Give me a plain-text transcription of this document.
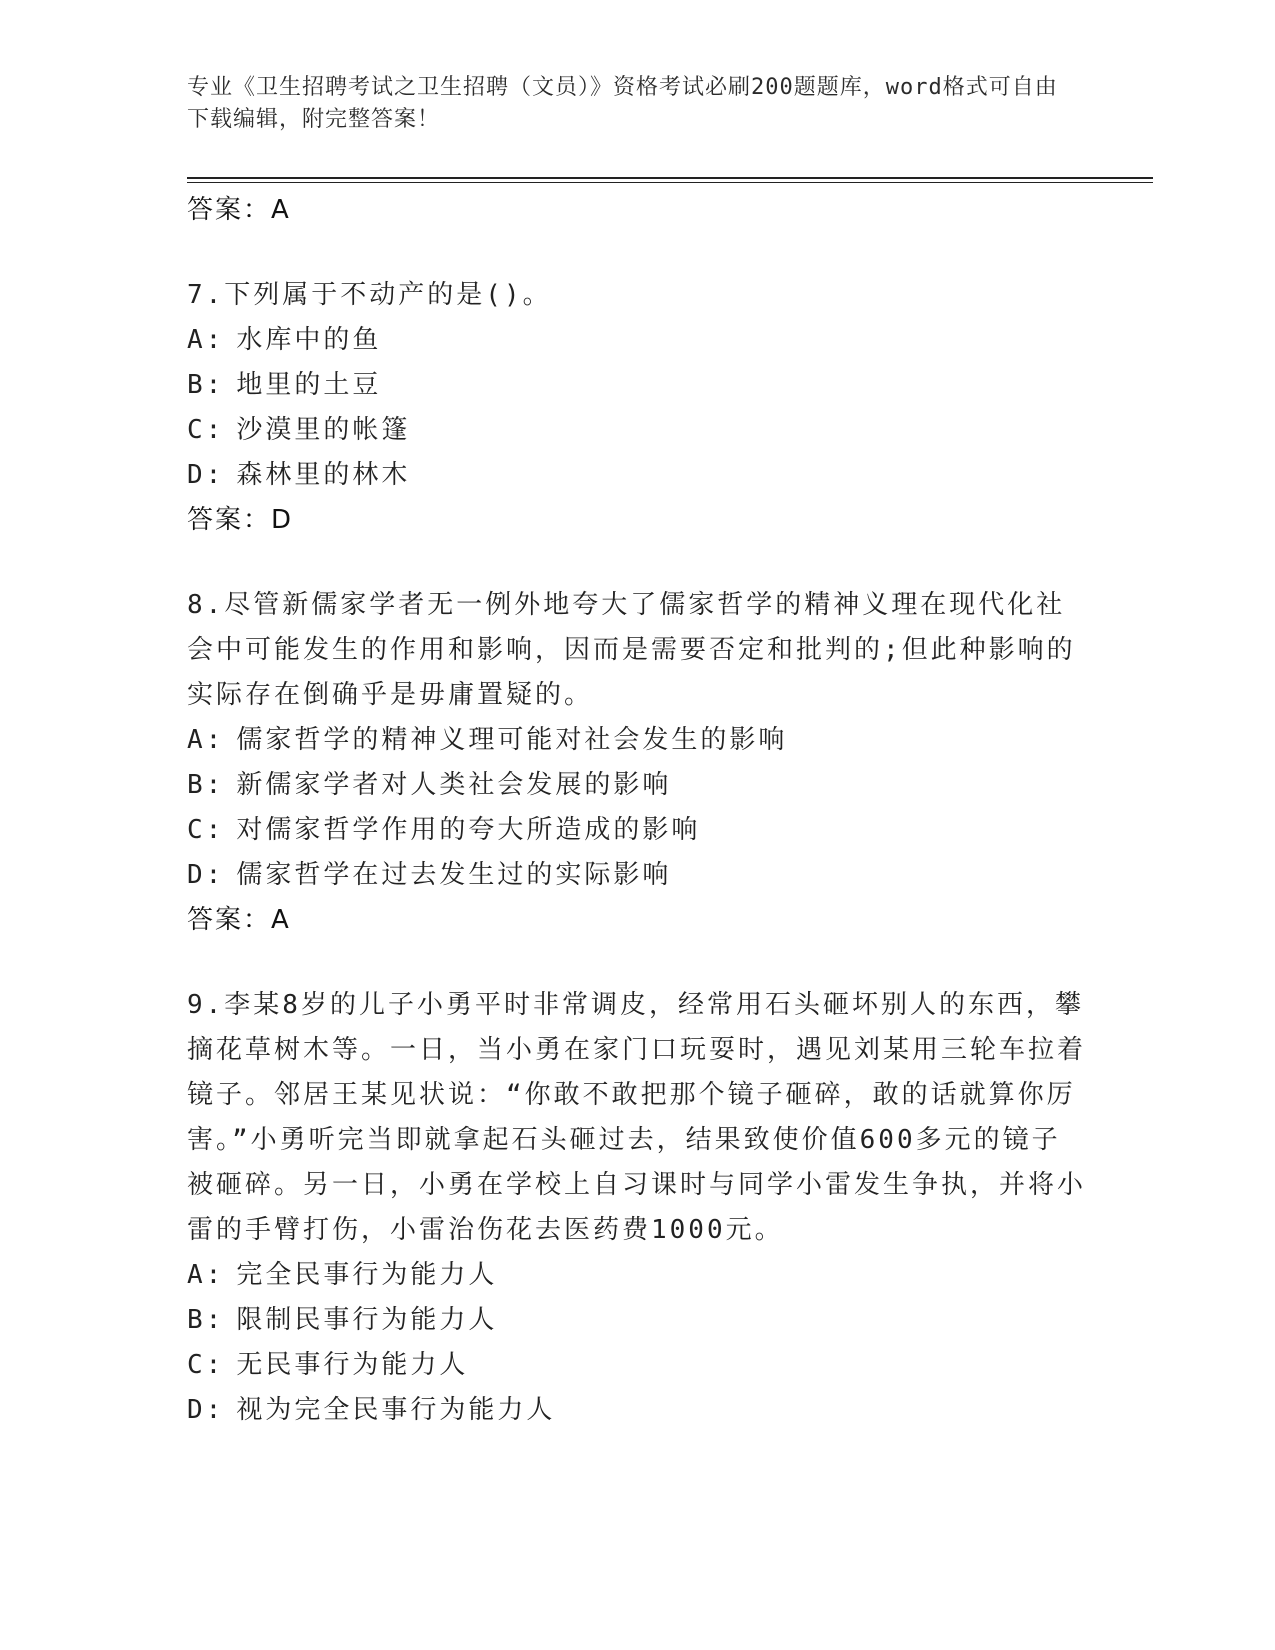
专业《卫生招聘考试之卫生招聘（文员）》资格考试必刷200题题库，word格式可自由下载编辑，附完整答案！
答案：A
7.下列属于不动产的是()。
A: 水库中的鱼
B: 地里的土豆
C: 沙漠里的帐篷
D: 森林里的林木
答案：D
8.尽管新儒家学者无一例外地夸大了儒家哲学的精神义理在现代化社会中可能发生的作用和影响，因而是需要否定和批判的;但此种影响的实际存在倒确乎是毋庸置疑的。
A: 儒家哲学的精神义理可能对社会发生的影响
B: 新儒家学者对人类社会发展的影响
C: 对儒家哲学作用的夸大所造成的影响
D: 儒家哲学在过去发生过的实际影响
答案：A
9.李某8岁的儿子小勇平时非常调皮，经常用石头砸坏别人的东西，攀摘花草树木等。一日，当小勇在家门口玩耍时，遇见刘某用三轮车拉着镜子。邻居王某见状说：“你敢不敢把那个镜子砸碎，敢的话就算你厉害。”小勇听完当即就拿起石头砸过去，结果致使价值600多元的镜子被砸碎。另一日，小勇在学校上自习课时与同学小雷发生争执，并将小雷的手臂打伤，小雷治伤花去医药费1000元。
A: 完全民事行为能力人
B: 限制民事行为能力人
C: 无民事行为能力人
D: 视为完全民事行为能力人
